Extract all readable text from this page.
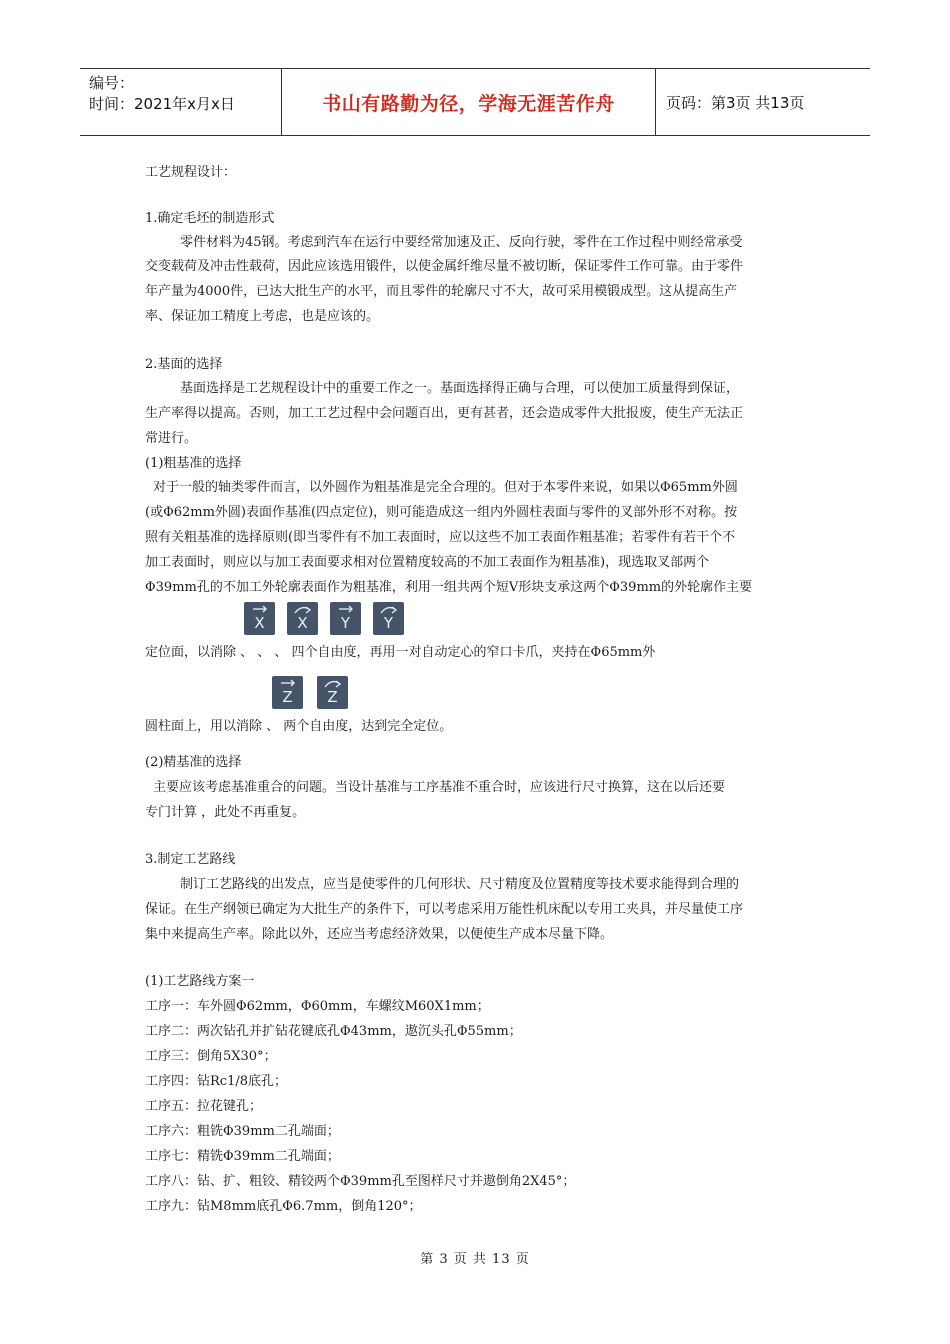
编号：
时间：2021年x月x日	书山有路勤为径，学海无涯苦作舟	页码：第3页 共13页
工艺规程设计：
1.确定毛坯的制造形式
零件材料为45钢。考虑到汽车在运行中要经常加速及正、反向行驶，零件在工作过程中则经常承受
交变载荷及冲击性载荷，因此应该选用锻件，以使金属纤维尽量不被切断，保证零件工作可靠。由于零件
年产量为4000件，已达大批生产的水平，而且零件的轮廓尺寸不大，故可采用模锻成型。这从提高生产
率、保证加工精度上考虑，也是应该的。
2.基面的选择
基面选择是工艺规程设计中的重要工作之一。基面选择得正确与合理，可以使加工质量得到保证，
生产率得以提高。否则，加工工艺过程中会问题百出，更有甚者，还会造成零件大批报废，使生产无法正
常进行。
(1)粗基准的选择
对于一般的轴类零件而言，以外圆作为粗基准是完全合理的。但对于本零件来说，如果以Φ65mm外圆
(或Φ62mm外圆)表面作基准(四点定位)，则可能造成这一组内外圆柱表面与零件的叉部外形不对称。按
照有关粗基准的选择原则(即当零件有不加工表面时，应以这些不加工表面作粗基准；若零件有若干个不
加工表面时，则应以与加工表面要求相对位置精度较高的不加工表面作为粗基准)，现选取叉部两个
Φ39mm孔的不加工外轮廓表面作为粗基准，利用一组共两个短V形块支承这两个Φ39mm的外轮廓作主要
X	X	Y	Y
定位面，以消除 、 、 、 四个自由度，再用一对自动定心的窄口卡爪，夹持在Φ65mm外
Z	Z
圆柱面上，用以消除 、 两个自由度，达到完全定位。
(2)精基准的选择
主要应该考虑基准重合的问题。当设计基准与工序基准不重合时，应该进行尺寸换算，这在以后还要
专门计算 ，此处不再重复。
3.制定工艺路线
制订工艺路线的出发点，应当是使零件的几何形状、尺寸精度及位置精度等技术要求能得到合理的
保证。在生产纲领已确定为大批生产的条件下，可以考虑采用万能性机床配以专用工夹具，并尽量使工序
集中来提高生产率。除此以外，还应当考虑经济效果，以便使生产成本尽量下降。
(1)工艺路线方案一
工序一：车外圆Φ62mm，Φ60mm，车螺纹M60X1mm；
工序二：两次钻孔并扩钻花键底孔Φ43mm，遨沉头孔Φ55mm；
工序三：倒角5X30°；
工序四：钻Rc1/8底孔；
工序五：拉花键孔；
工序六：粗铣Φ39mm二孔端面；
工序七：精铣Φ39mm二孔端面；
工序八：钻、扩、粗铰、精铰两个Φ39mm孔至图样尺寸并遨倒角2X45°；
工序九：钻M8mm底孔Φ6.7mm，倒角120°；
第 3 页 共 13 页
